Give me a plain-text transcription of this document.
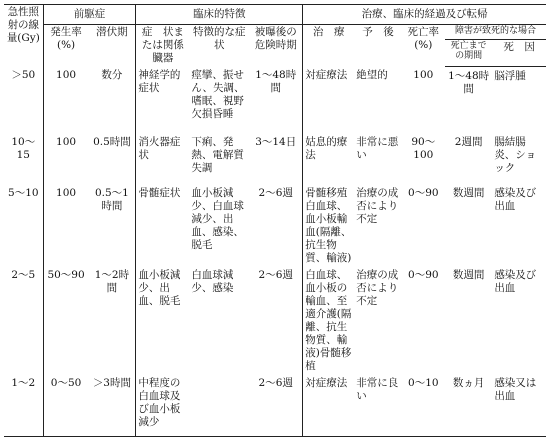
急性照射の線量(Gy)	前駆症		臨床的特徴			治療、臨床的経過及び転帰				
	発生率(%)	潜伏期	症　状または関係臓器	特徴的な症状	被曝後の危険時期	治　療	予　後	死亡率(%)	障害が致死的な場合	
									死亡までの期間	死　因
＞50	100	数分	神経学的症状	痙攣、振せん、失調、嗜眠、視野欠損昏睡	1〜48時間	対症療法	絶望的	100	1〜48時間	脳浮腫
10〜15	100	0.5時間	消火器症状	下痢、発熱、電解質失調	3〜14日	姑息的療法	非常に悪い	90〜100	2週間	腸結腸炎、ショック
5〜10	100	0.5〜1時間	骨髄症状	血小板減少、白血球減少、出血、感染、脱毛	2〜6週	骨髄移殖白血球、血小板輸血(隔離、抗生物質、輸液)	治療の成否により不定	0〜90	数週間	感染及び出血
2〜5	50〜90	1〜2時間	血小板減少、出血、脱毛	白血球減少、感染	2〜6週	白血球、血小板の輸血、至適介護(隔離、抗生物質、輸液)骨髄移植	治療の成否により不定	0〜90	数週間	感染及び出血
1〜2	0〜50	＞3時間	中程度の白血球及び血小板減少		2〜6週	対症療法	非常に良い	0〜10	数ヵ月	感染又は出血
